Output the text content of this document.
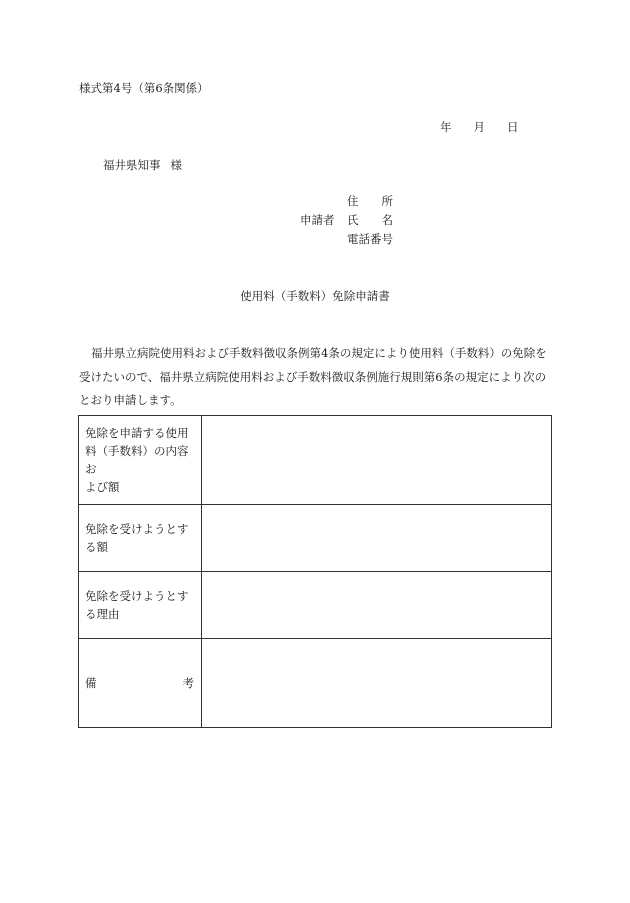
様式第4号（第6条関係）
年 月 日
福井県知事 様
申請者
住　　所
氏　　名
電話番号
使用料（手数料）免除申請書
福井県立病院使用料および手数料徴収条例第4条の規定により使用料（手数料）の免除を
受けたいので、福井県立病院使用料および手数料徴収条例施行規則第6条の規定により次の
とおり申請します。
免除を申請する使用
料（手数料）の内容お
よび額	

免除を受けようとす
る額	

免除を受けようとす
る理由	

備 考	
